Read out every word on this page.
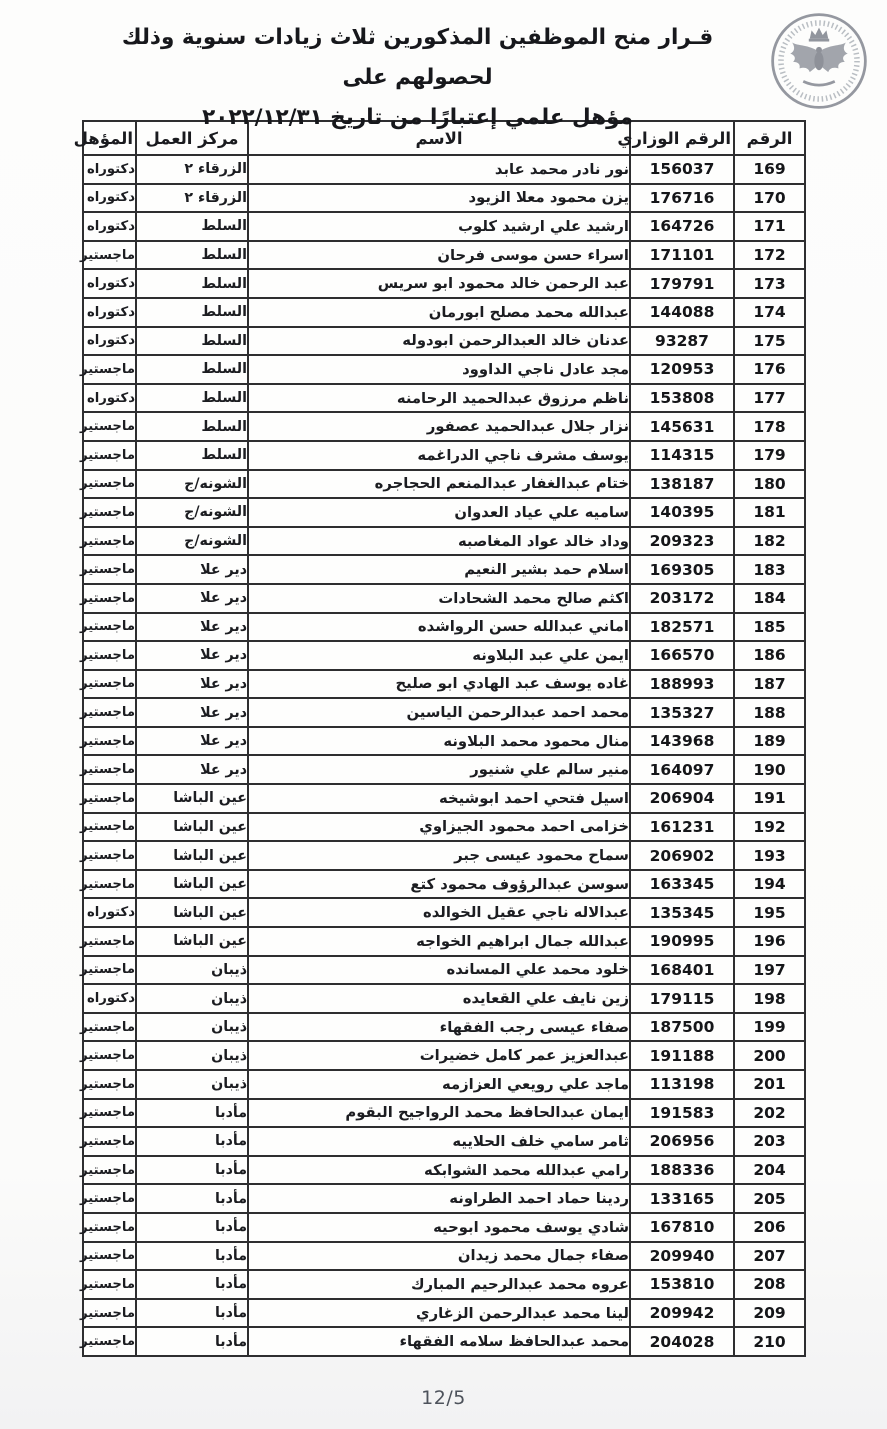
قـرار منح الموظفين المذكورين ثلاث زيادات سنوية وذلك لحصولهم على
مؤهل علمي إعتبارًا من تاريخ ٢٠٢٢/١٢/٣١
الرقم	الرقم الوزاري	الاسم	مركز العمل	المؤهل
169	156037	نور نادر محمد عابد	الزرقاء ٢	دكتوراه
170	176716	يزن محمود معلا الزيود	الزرقاء ٢	دكتوراه
171	164726	ارشيد علي ارشيد كلوب	السلط	دكتوراه
172	171101	اسراء حسن موسى فرحان	السلط	ماجستير
173	179791	عبد الرحمن خالد محمود ابو سريس	السلط	دكتوراه
174	144088	عبدالله محمد مصلح ابورمان	السلط	دكتوراه
175	93287	عدنان خالد العبدالرحمن ابودوله	السلط	دكتوراه
176	120953	مجد عادل ناجي الداوود	السلط	ماجستير
177	153808	ناظم مرزوق عبدالحميد الرحامنه	السلط	دكتوراه
178	145631	نزار جلال عبدالحميد عصفور	السلط	ماجستير
179	114315	يوسف مشرف ناجي الدراغمه	السلط	ماجستير
180	138187	ختام عبدالغفار عبدالمنعم الحجاجره	الشونه/ج	ماجستير
181	140395	ساميه علي عياد العدوان	الشونه/ج	ماجستير
182	209323	وداد خالد عواد المغاصبه	الشونه/ج	ماجستير
183	169305	اسلام حمد بشير النعيم	دير علا	ماجستير
184	203172	اكثم صالح محمد الشحادات	دير علا	ماجستير
185	182571	اماني عبدالله حسن الرواشده	دير علا	ماجستير
186	166570	ايمن علي عبد البلاونه	دير علا	ماجستير
187	188993	غاده يوسف عبد الهادي ابو صليح	دير علا	ماجستير
188	135327	محمد احمد عبدالرحمن الياسين	دير علا	ماجستير
189	143968	منال محمود محمد البلاونه	دير علا	ماجستير
190	164097	منير سالم علي شنيور	دير علا	ماجستير
191	206904	اسيل فتحي احمد ابوشيخه	عين الباشا	ماجستير
192	161231	خزامى احمد محمود الجيزاوي	عين الباشا	ماجستير
193	206902	سماح محمود عيسى جبر	عين الباشا	ماجستير
194	163345	سوسن عبدالرؤوف محمود كتع	عين الباشا	ماجستير
195	135345	عبدالاله ناجي عقيل الخوالده	عين الباشا	دكتوراه
196	190995	عبدالله جمال ابراهيم الخواجه	عين الباشا	ماجستير
197	168401	خلود محمد علي المسانده	ذيبان	ماجستير
198	179115	زين نايف علي القعايده	ذيبان	دكتوراه
199	187500	صفاء عيسى رجب الفقهاء	ذيبان	ماجستير
200	191188	عبدالعزيز عمر كامل خضيرات	ذيبان	ماجستير
201	113198	ماجد علي رويعي العزازمه	ذيبان	ماجستير
202	191583	ايمان عبدالحافظ محمد الرواجيح البقوم	مأدبا	ماجستير
203	206956	ثامر سامي خلف الحلاييه	مأدبا	ماجستير
204	188336	رامي عبدالله محمد الشوابكه	مأدبا	ماجستير
205	133165	ردينا حماد احمد الطراونه	مأدبا	ماجستير
206	167810	شادي يوسف محمود ابوحيه	مأدبا	ماجستير
207	209940	صفاء جمال محمد زيدان	مأدبا	ماجستير
208	153810	عروه محمد عبدالرحيم المبارك	مأدبا	ماجستير
209	209942	لينا محمد عبدالرحمن الزغاري	مأدبا	ماجستير
210	204028	محمد عبدالحافظ سلامه الفقهاء	مأدبا	ماجستير
12/5
